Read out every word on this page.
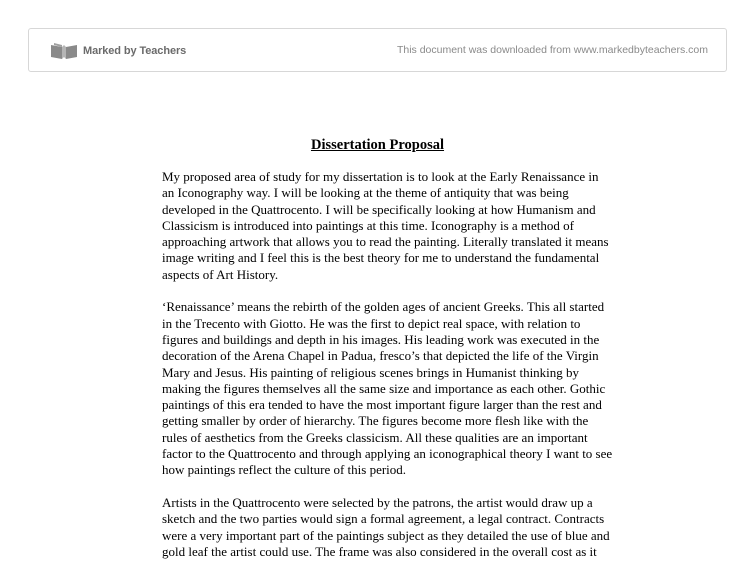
Marked by Teachers	This document was downloaded from www.markedbyteachers.com
Dissertation Proposal

My proposed area of study for my dissertation is to look at the Early Renaissance in
an Iconography way. I will be looking at the theme of antiquity that was being
developed in the Quattrocento. I will be specifically looking at how Humanism and
Classicism is introduced into paintings at this time. Iconography is a method of
approaching artwork that allows you to read the painting. Literally translated it means
image writing and I feel this is the best theory for me to understand the fundamental
aspects of Art History.

‘Renaissance’ means the rebirth of the golden ages of ancient Greeks. This all started
in the Trecento with Giotto. He was the first to depict real space, with relation to
figures and buildings and depth in his images. His leading work was executed in the
decoration of the Arena Chapel in Padua, fresco’s that depicted the life of the Virgin
Mary and Jesus. His painting of religious scenes brings in Humanist thinking by
making the figures themselves all the same size and importance as each other. Gothic
paintings of this era tended to have the most important figure larger than the rest and
getting smaller by order of hierarchy. The figures become more flesh like with the
rules of aesthetics from the Greeks classicism. All these qualities are an important
factor to the Quattrocento and through applying an iconographical theory I want to see
how paintings reflect the culture of this period.

Artists in the Quattrocento were selected by the patrons, the artist would draw up a
sketch and the two parties would sign a formal agreement, a legal contract. Contracts
were a very important part of the paintings subject as they detailed the use of blue and
gold leaf the artist could use. The frame was also considered in the overall cost as it
